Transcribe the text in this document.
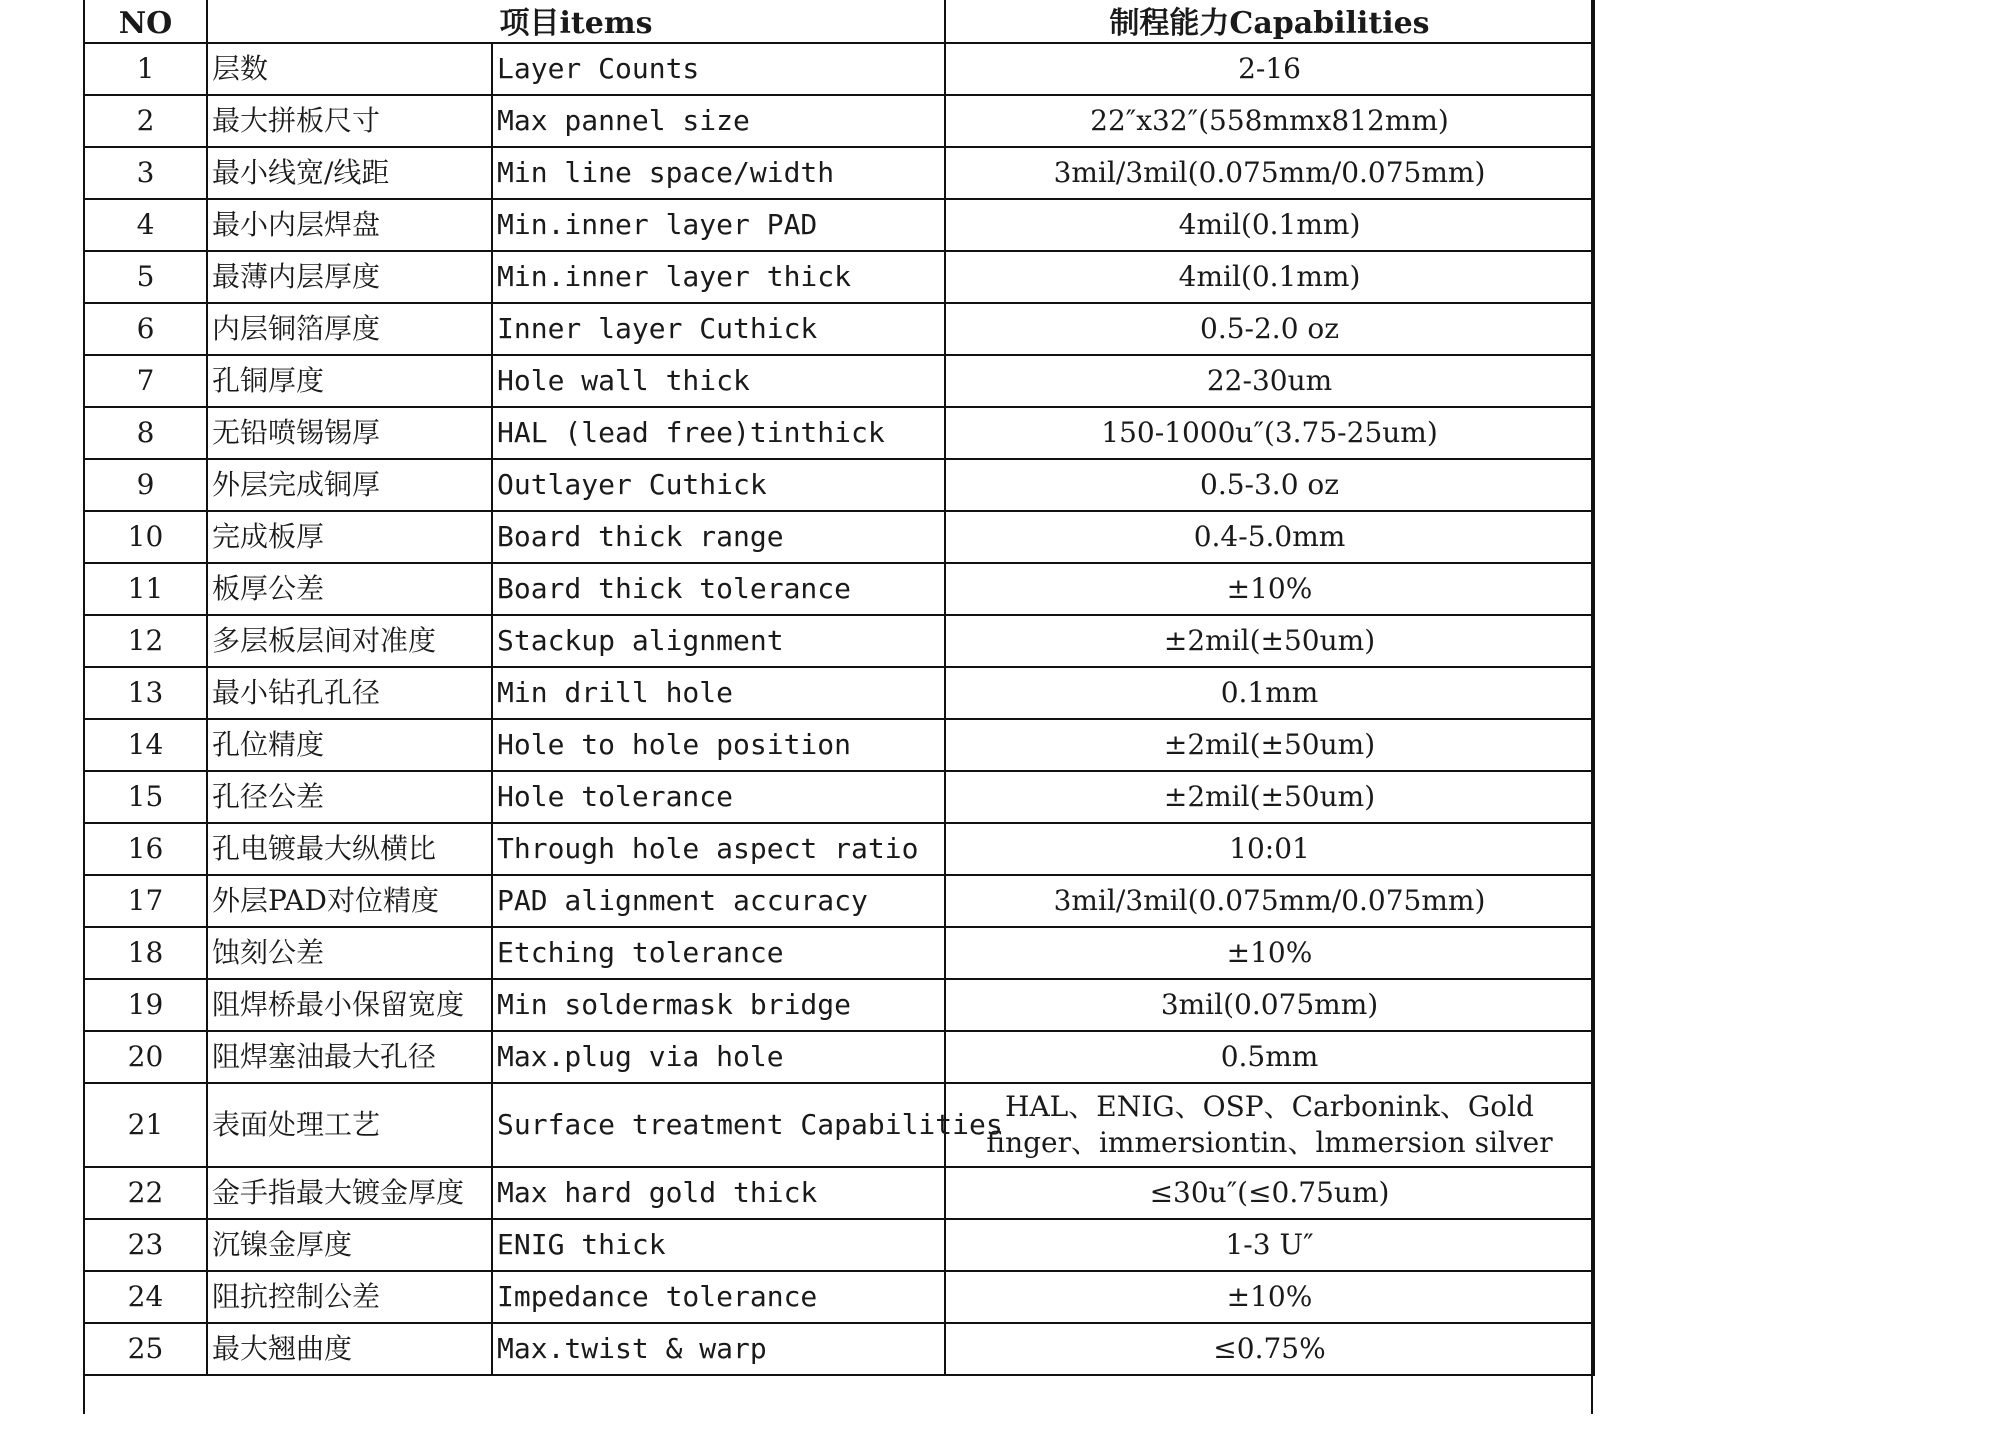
NO	项目items		制程能力Capabilities
1	层数	Layer Counts	2-16
2	最大拼板尺寸	Max pannel size	22″x32″(558mmx812mm)
3	最小线宽/线距	Min line space/width	3mil/3mil(0.075mm/0.075mm)
4	最小内层焊盘	Min.inner layer PAD	4mil(0.1mm)
5	最薄内层厚度	Min.inner layer thick	4mil(0.1mm)
6	内层铜箔厚度	Inner layer Cuthick	0.5-2.0 oz
7	孔铜厚度	Hole wall thick	22-30um
8	无铅喷锡锡厚	HAL (lead free)tinthick	150-1000u″(3.75-25um)
9	外层完成铜厚	Outlayer Cuthick	0.5-3.0 oz
10	完成板厚	Board thick range	0.4-5.0mm
11	板厚公差	Board thick tolerance	±10%
12	多层板层间对准度	Stackup alignment	±2mil(±50um)
13	最小钻孔孔径	Min drill hole	0.1mm
14	孔位精度	Hole to hole position	±2mil(±50um)
15	孔径公差	Hole tolerance	±2mil(±50um)
16	孔电镀最大纵横比	Through hole aspect ratio	10:01
17	外层PAD对位精度	PAD alignment accuracy	3mil/3mil(0.075mm/0.075mm)
18	蚀刻公差	Etching tolerance	±10%
19	阻焊桥最小保留宽度	Min soldermask bridge	3mil(0.075mm)
20	阻焊塞油最大孔径	Max.plug via hole	0.5mm
21	表面处理工艺	Surface treatment Capabilities	HAL、ENIG、OSP、Carbonink、Gold finger、immersiontin、lmmersion silver
22	金手指最大镀金厚度	Max hard gold thick	≤30u″(≤0.75um)
23	沉镍金厚度	ENIG thick	1-3 U″
24	阻抗控制公差	Impedance tolerance	±10%
25	最大翘曲度	Max.twist & warp	≤0.75%
